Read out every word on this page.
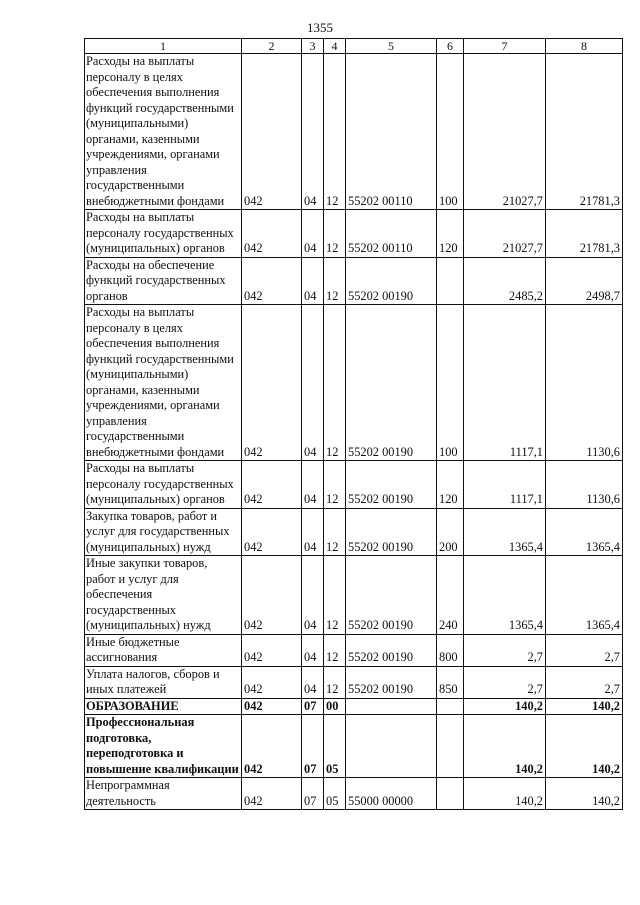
1355
1	2	3	4	5	6	7	8
Расходы на выплаты персоналу в целях обеспечения выполнения функций государственными (муниципальными) органами, казенными учреждениями, органами управления государственными внебюджетными фондами	042	04	12	55202 00110	100	21027,7	21781,3
Расходы на выплаты персоналу государственных (муниципальных) органов	042	04	12	55202 00110	120	21027,7	21781,3
Расходы на обеспечение функций государственных органов	042	04	12	55202 00190		2485,2	2498,7
Расходы на выплаты персоналу в целях обеспечения выполнения функций государственными (муниципальными) органами, казенными учреждениями, органами управления государственными внебюджетными фондами	042	04	12	55202 00190	100	1117,1	1130,6
Расходы на выплаты персоналу государственных (муниципальных) органов	042	04	12	55202 00190	120	1117,1	1130,6
Закупка товаров, работ и услуг для государственных (муниципальных) нужд	042	04	12	55202 00190	200	1365,4	1365,4
Иные закупки товаров, работ и услуг для обеспечения государственных (муниципальных) нужд	042	04	12	55202 00190	240	1365,4	1365,4
Иные бюджетные ассигнования	042	04	12	55202 00190	800	2,7	2,7
Уплата налогов, сборов и иных платежей	042	04	12	55202 00190	850	2,7	2,7
ОБРАЗОВАНИЕ	042	07	00			140,2	140,2
Профессиональная подготовка, переподготовка и повышение квалификации	042	07	05			140,2	140,2
Непрограммная деятельность	042	07	05	55000 00000		140,2	140,2
